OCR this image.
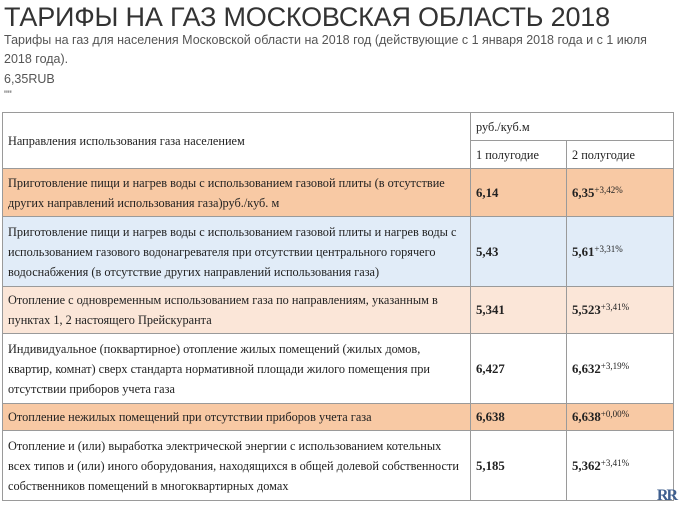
ТАРИФЫ НА ГАЗ МОСКОВСКАЯ ОБЛАСТЬ 2018
Тарифы на газ для населения Московской области на 2018 год (действующие с 1 января 2018 года и с 1 июля 2018 года).
6,35RUB
""
Направления использования газа населением	руб./куб.м	
	1 полугодие	2 полугодие
Приготовление пищи и нагрев воды с использованием газовой плиты (в отсутствие других направлений использования газа)руб./куб. м	6,14	$6,35^{+3,42\%}$
Приготовление пищи и нагрев воды с использованием газовой плиты и нагрев воды с использованием газового водонагревателя при отсутствии центрального горячего водоснабжения (в отсутствие других направлений использования газа)	5,43	$5,61^{+3,31\%}$
Отопление с одновременным использованием газа по направлениям, указанным в пунктах 1, 2 настоящего Прейскуранта	5,341	$5,523^{+3,41\%}$
Индивидуальное (поквартирное) отопление жилых помещений (жилых домов, квартир, комнат) сверх стандарта нормативной площади жилого помещения при отсутствии приборов учета газа	6,427	$6,632^{+3,19\%}$
Отопление нежилых помещений при отсутствии приборов учета газа	6,638	$6,638^{+0,00\%}$
Отопление и (или) выработка электрической энергии с использованием котельных всех типов и (или) иного оборудования, находящихся в общей долевой собственности собственников помещений в многоквартирных домах	5,185	$5,362^{+3,41\%}$
RR
